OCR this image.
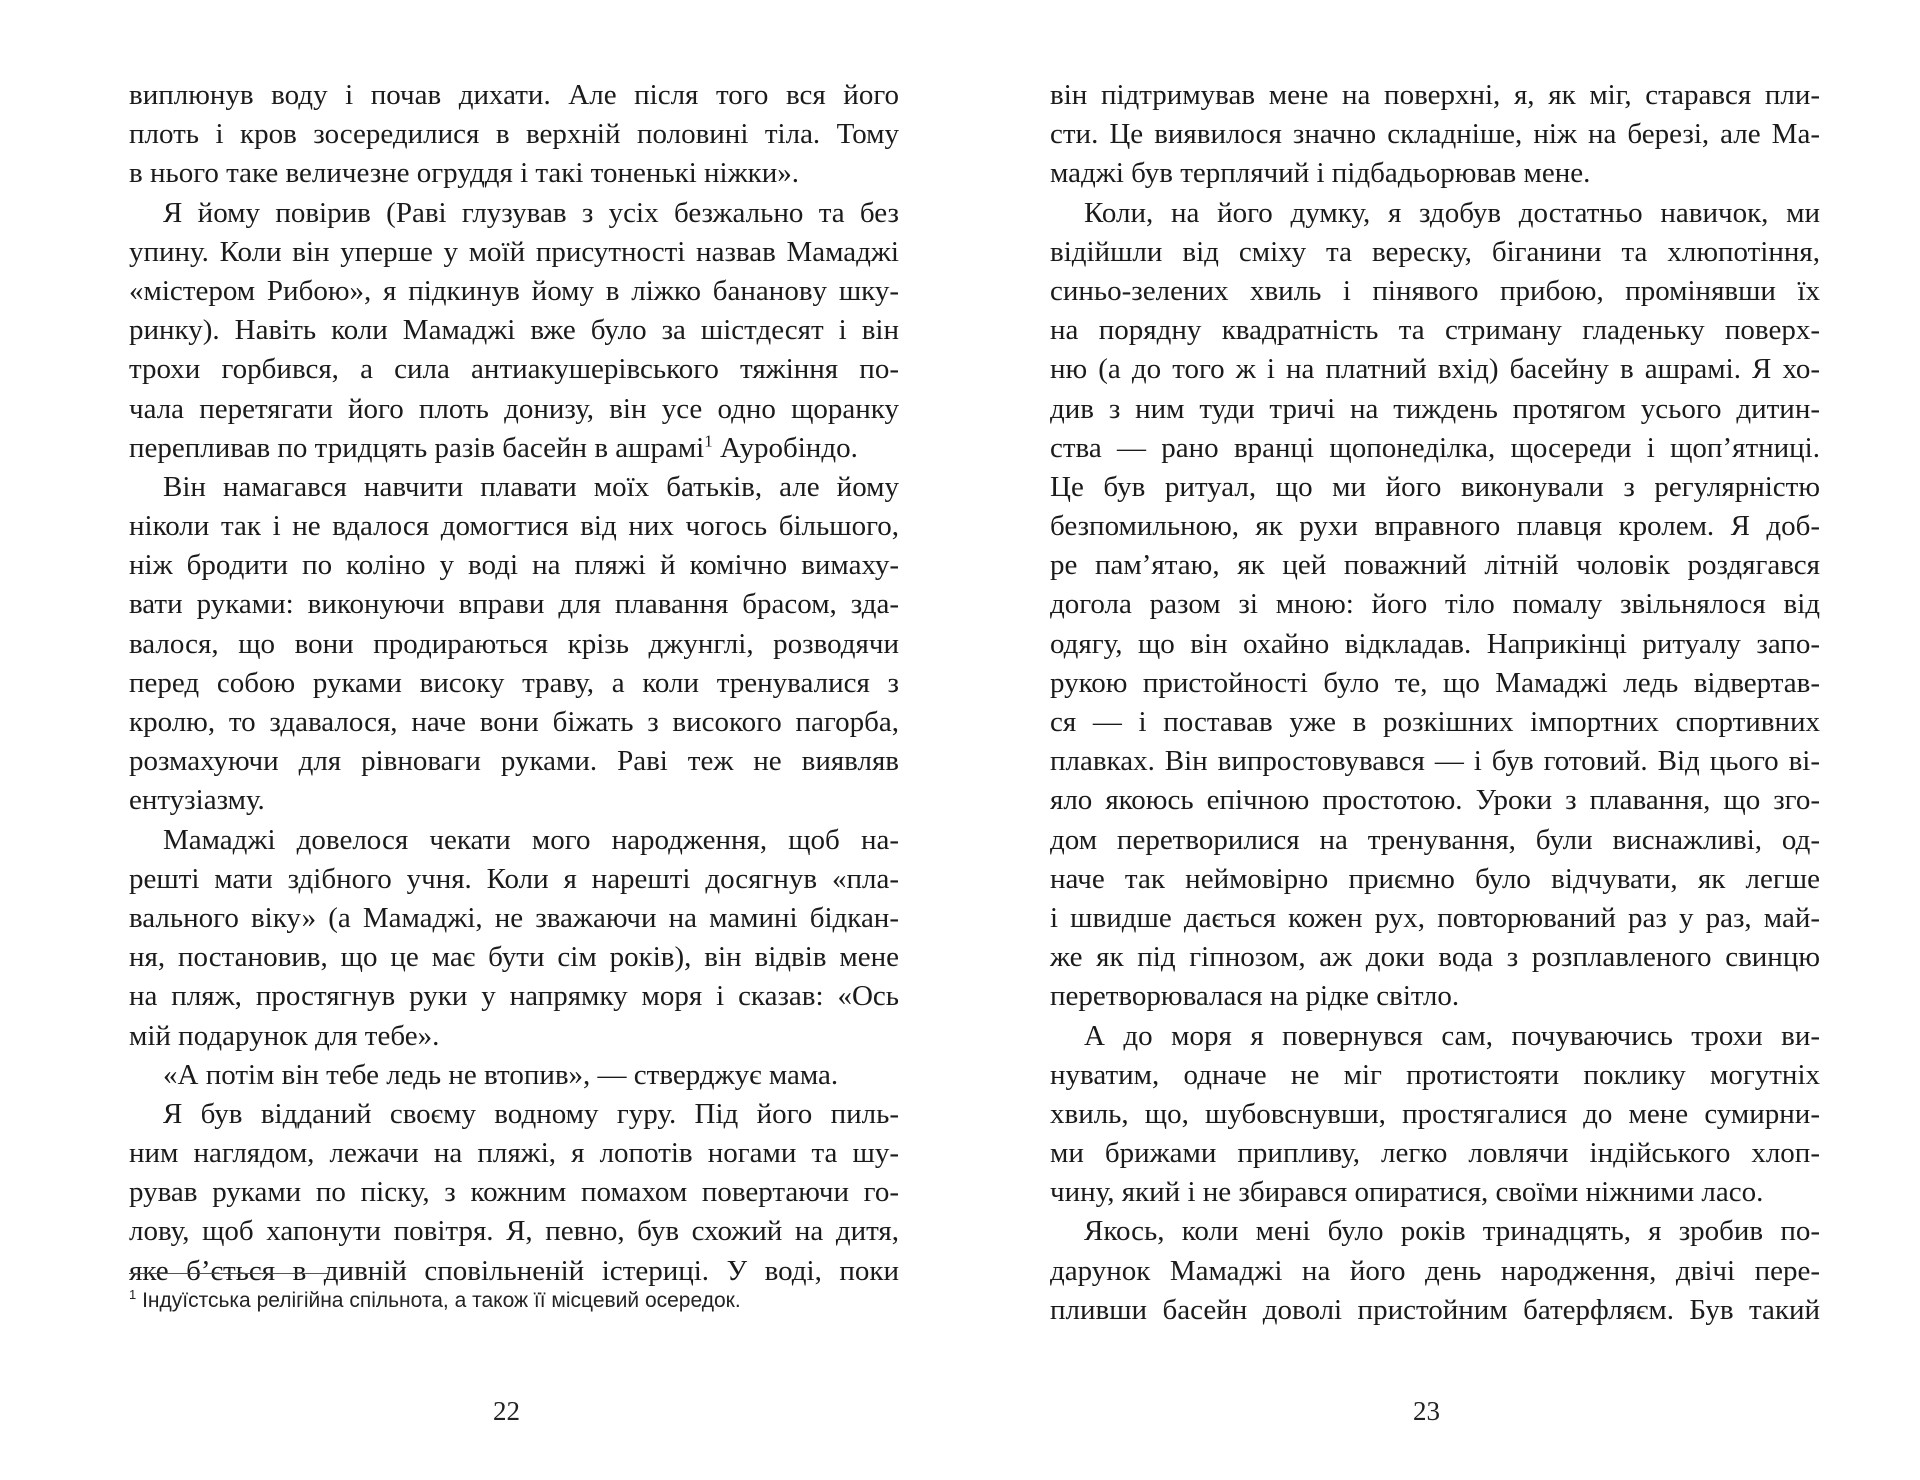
виплюнув воду і почав дихати. Але після того вся його
плоть і кров зосередилися в верхній половині тіла. Тому
в нього таке величезне огруддя і такі тоненькі ніжки».
Я йому повірив (Раві глузував з усіх безжально та без
упину. Коли він уперше у моїй присутності назвав Мамаджі
«містером Рибою», я підкинув йому в ліжко банановy шку-
ринку). Навіть коли Мамаджі вже було за шістдесят і він
трохи горбився, а сила антиакушерівського тяжіння по-
чала перетягати його плоть донизу, він усе одно щоранку
перепливав по тридцять разів басейн в ашрамі$^1$ Ауробіндо.
Він намагався навчити плавати моїх батьків, але йому
ніколи так і не вдалося домогтися від них чогось більшого,
ніж бродити по коліно у воді на пляжі й комічно вимаху-
вати руками: виконуючи вправи для плавання брасом, зда-
валося, що вони продираються крізь джунглі, розводячи
перед собою руками високу траву, а коли тренувалися з
кролю, то здавалося, наче вони біжать з високого пагорба,
розмахуючи для рівноваги руками. Раві теж не виявляв
ентузіазму.
Мамаджі довелося чекати мого народження, щоб на-
решті мати здібного учня. Коли я нарешті досягнув «пла-
вального віку» (а Мамаджі, не зважаючи на мамині бідкан-
ня, постановив, що це має бути сім років), він відвів мене
на пляж, простягнув руки у напрямку моря і сказав: «Ось
мій подарунок для тебе».
«А потім він тебе ледь не втопив», — стверджує мама.
Я був відданий своєму водному гуру. Під його пиль-
ним наглядом, лежачи на пляжі, я лопотів ногами та шу-
рував руками по піску, з кожним помахом повертаючи го-
лову, щоб хапонути повітря. Я, певно, був схожий на дитя,
яке б’ється в дивній сповільненій істериці. У воді, поки
$^1$ Індуїстська релігійна спільнота, а також її місцевий осередок.
22
він підтримував мене на поверхні, я, як міг, старався пли-
сти. Це виявилося значно складніше, ніж на березі, але Ма-
маджі був терплячий і підбадьорював мене.
Коли, на його думку, я здобув достатньо навичок, ми
відійшли від сміху та вереску, біганини та хлюпотіння,
синьо-зелених хвиль і пінявого прибою, промінявши їх
на порядну квадратність та стриману гладеньку поверх-
ню (а до того ж і на платний вхід) басейну в ашрамі. Я хо-
див з ним туди тричі на тиждень протягом усього дитин-
ства — рано вранці щопонеділка, щосереди і щоп’ятниці.
Це був ритуал, що ми його виконували з регулярністю
безпомильною, як рухи вправного плавця кролем. Я доб-
ре пам’ятаю, як цей поважний літній чоловік роздягався
догола разом зі мною: його тіло помалу звільнялося від
одягу, що він охайно відкладав. Наприкінці ритуалу запо-
рукою пристойності було те, що Мамаджі ледь відвертав-
ся — і поставав уже в розкішних імпортних спортивних
плавках. Він випростовувався — і був готовий. Від цього ві-
яло якоюсь епічною простотою. Уроки з плавання, що зго-
дом перетворилися на тренування, були виснажливі, од-
наче так неймовірно приємно було відчувати, як легше
і швидше дається кожен рух, повторюваний раз у раз, май-
же як під гіпнозом, аж доки вода з розплавленого свинцю
перетворювалася на рідке світло.
А до моря я повернувся сам, почуваючись трохи ви-
нуватим, одначе не міг протистояти поклику могутніх
хвиль, що, шубовснувши, простягалися до мене сумирни-
ми брижами припливу, легко ловлячи індійського хлоп-
чину, який і не збирався опиратися, своїми ніжними ласо.
Якось, коли мені було років тринадцять, я зробив по-
дарунок Мамаджі на його день народження, двічі пере-
пливши басейн доволі пристойним батерфляєм. Був такий
23
